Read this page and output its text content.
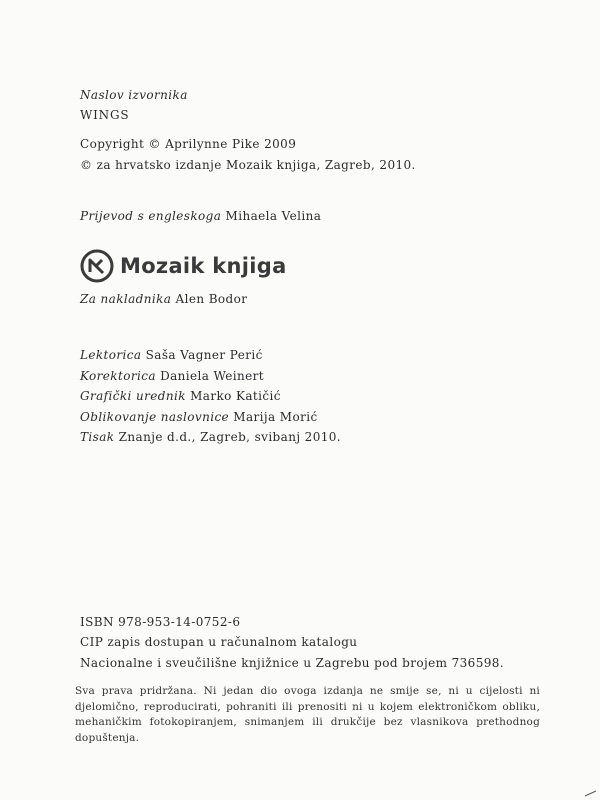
Naslov izvornika
WINGS
Copyright © Aprilynne Pike 2009
© za hrvatsko izdanje Mozaik knjiga, Zagreb, 2010.
Prijevod s engleskoga Mihaela Velina
Mozaik knjiga
Za nakladnika Alen Bodor
Lektorica Saša Vagner Perić
Korektorica Daniela Weinert
Grafički urednik Marko Katičić
Oblikovanje naslovnice Marija Morić
Tisak Znanje d.d., Zagreb, svibanj 2010.
ISBN 978-953-14-0752-6
CIP zapis dostupan u računalnom katalogu
Nacionalne i sveučilišne knjižnice u Zagrebu pod brojem 736598.
Sva prava pridržana. Ni jedan dio ovoga izdanja ne smije se, ni u cijelosti ni djelomično, reproducirati, pohraniti ili prenositi ni u kojem elektroničkom obliku, mehaničkim fotokopiranjem, snimanjem ili drukčije bez vlasnikova prethodnog dopuštenja.
